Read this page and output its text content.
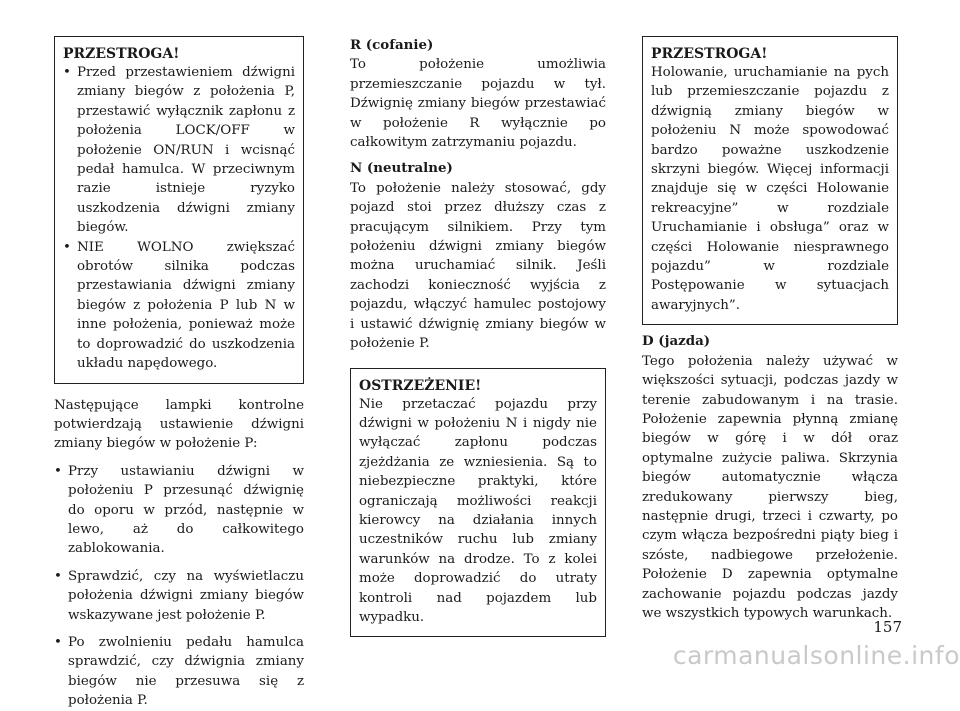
PRZESTROGA!
• Przed przestawieniem dźwigni zmiany biegów z położenia P, przestawić wyłącznik zapłonu z położenia LOCK/OFF w położenie ON/RUN i wcisnąć pedał hamulca. W przeciwnym razie istnieje ryzyko uszkodzenia dźwigni zmiany biegów.
• NIE WOLNO zwiększać obrotów silnika podczas przestawiania dźwigni zmiany biegów z położenia P lub N w inne położenia, ponieważ może to doprowadzić do uszkodzenia układu napędowego.
Następujące lampki kontrolne potwierdzają ustawienie dźwigni zmiany biegów w położenie P:
• Przy ustawianiu dźwigni w położeniu P przesunąć dźwignię do oporu w przód, następnie w lewo, aż do całkowitego zablokowania.
• Sprawdzić, czy na wyświetlaczu położenia dźwigni zmiany biegów wskazywane jest położenie P.
• Po zwolnieniu pedału hamulca sprawdzić, czy dźwignia zmiany biegów nie przesuwa się z położenia P.
R (cofanie)
To położenie umożliwia przemieszczanie pojazdu w tył. Dźwignię zmiany biegów przestawiać w położenie R wyłącznie po całkowitym zatrzymaniu pojazdu.
N (neutralne)
To położenie należy stosować, gdy pojazd stoi przez dłuższy czas z pracującym silnikiem. Przy tym położeniu dźwigni zmiany biegów można uruchamiać silnik. Jeśli zachodzi konieczność wyjścia z pojazdu, włączyć hamulec postojowy i ustawić dźwignię zmiany biegów w położenie P.
OSTRZEŻENIE!
Nie przetaczać pojazdu przy dźwigni w położeniu N i nigdy nie wyłączać zapłonu podczas zjeżdżania ze wzniesienia. Są to niebezpieczne praktyki, które ograniczają możliwości reakcji kierowcy na działania innych uczestników ruchu lub zmiany warunków na drodze. To z kolei może doprowadzić do utraty kontroli nad pojazdem lub wypadku.
PRZESTROGA!
Holowanie, uruchamianie na pych lub przemieszczanie pojazdu z dźwignią zmiany biegów w położeniu N może spowodować bardzo poważne uszkodzenie skrzyni biegów. Więcej informacji znajduje się w części Holowanie rekreacyjne” w rozdziale Uruchamianie i obsługa” oraz w części Holowanie niesprawnego pojazdu” w rozdziale Postępowanie w sytuacjach awaryjnych”.
D (jazda)
Tego położenia należy używać w większości sytuacji, podczas jazdy w terenie zabudowanym i na trasie. Położenie zapewnia płynną zmianę biegów w górę i w dół oraz optymalne zużycie paliwa. Skrzynia biegów automatycznie włącza zredukowany pierwszy bieg, następnie drugi, trzeci i czwarty, po czym włącza bezpośredni piąty bieg i szóste, nadbiegowe przełożenie. Położenie D zapewnia optymalne zachowanie pojazdu podczas jazdy we wszystkich typowych warunkach.
157
carmanualsonline.info
